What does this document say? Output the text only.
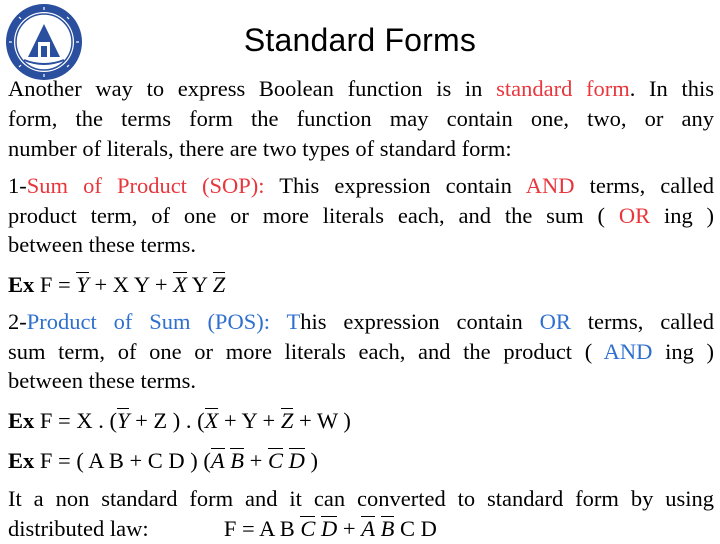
Standard Forms
Another way to express Boolean function is in standard form. In this
form, the terms form the function may contain one, two, or any
number of literals, there are two types of standard form:
1-Sum of Product (SOP): This expression contain AND terms, called
product term, of one or more literals each, and the sum ( OR ing )
between these terms.
Ex F = Y + X Y + X Y Z
2-Product of Sum (POS): This expression contain OR terms, called
sum term, of one or more literals each, and the product ( AND ing )
between these terms.
Ex F = X . (Y + Z ) . (X + Y + Z + W )
Ex F = ( A B + C D ) (A B + C D )
It a non standard form and it can converted to standard form by using
distributed law:	F = A B C D + A B C D
